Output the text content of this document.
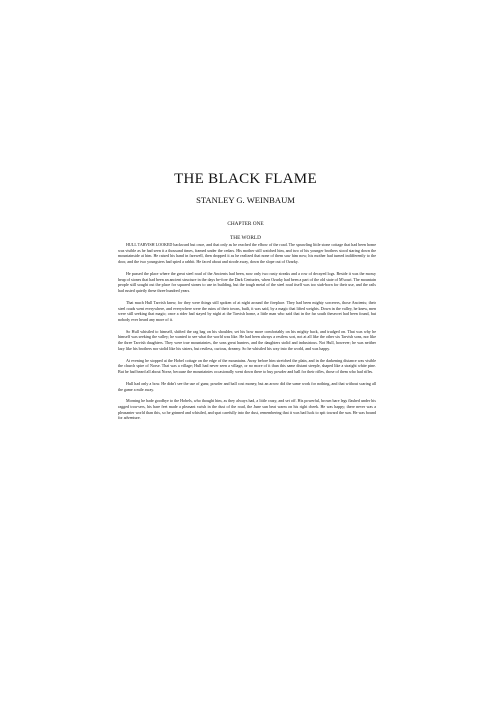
THE BLACK FLAME
STANLEY G. WEINBAUM
CHAPTER ONE
THE WORLD

HULL TARVISH LOOKED backward but once, and that only as he reached the elbow of the road. The sprawling little stone cottage that had been home was visible as he had seen it a thousand times, framed under the cedars. His mother still watched him, and two of his younger brothers stood staring down the mountainside at him. He raised his hand in farewell, then dropped it as he realized that none of them saw him now; his mother had turned indifferently to the door, and the two youngsters had spied a rabbit. He faced about and strode away, down the slope out of Ozarky.

He passed the place where the great steel road of the Ancients had been, now only two rusty streaks and a row of decayed logs. Beside it was the mossy heap of stones that had been an ancient structure in the days be-fore the Dark Centuries, when Ozarky had been a part of the old state of M'souri. The mountain people still sought out the place for squared stones to use in building, but the tough metal of the steel road itself was too stub-born for their use, and the rails had rusted quietly these three hundred years.

That much Hull Tarvish knew, for they were things still spoken of at night around the fireplace. They had been mighty sorcerers, those Ancients; their steel roads went everywhere, and everywhere were the ruins of their towns, built, it was said, by a magic that lifted weights. Down in the valley, he knew, men were still seeking that magic; once a rider had stayed by night at the Tarvish home, a little man who said that in the far south thesecret had been found, but nobody ever heard any more of it.

So Hull whistled to himself, shifted the rag bag on his shoulder, set his bow more comfortably on his mighty back, and trudged on. That was why he himself was seeking the valley; he wanted to see what the world was like. He had been always a restless sort, not at all like the other six Tarvish sons, nor like the three Tarvish daughters. They were true mountainies, the sons great hunters, and the daughters stolid and industrious. Not Hull, however; he was neither lazy like his brothers nor stolid like his sisters, but restless, curious, dreamy. So he whistled his way into the world, and was happy.

At evening he stopped at the Hobel cottage on the edge of the mountains. Away before him stretched the plain, and in the darkening distance was visible the church spire of Norse. That was a village; Hull had never seen a village, or no more of it than this same distant steeple, shaped like a straight white pine. But he had heard all about Norse, because the mountainies occasionally went down there to buy powder and ball for their rifles, those of them who had rifles.

Hull had only a bow. He didn't see the use of guns; powder and ball cost money, but an arrow did the same work for nothing, and that without scaring all the game a mile away.

Morning he bade goodbye to the Hobels, who thought him, as they always had, a little crazy, and set off. His powerful, brown bare legs flashed under his ragged trou-sers, his bare feet made a pleasant swish in the dust of the road, the June sun beat warm on his right cheek. He was happy; there never was a pleasanter world than this, so he grinned and whistled, and spat carefully into the dust, remembering that it was bad luck to spit toward the sun. He was bound for adventure.
